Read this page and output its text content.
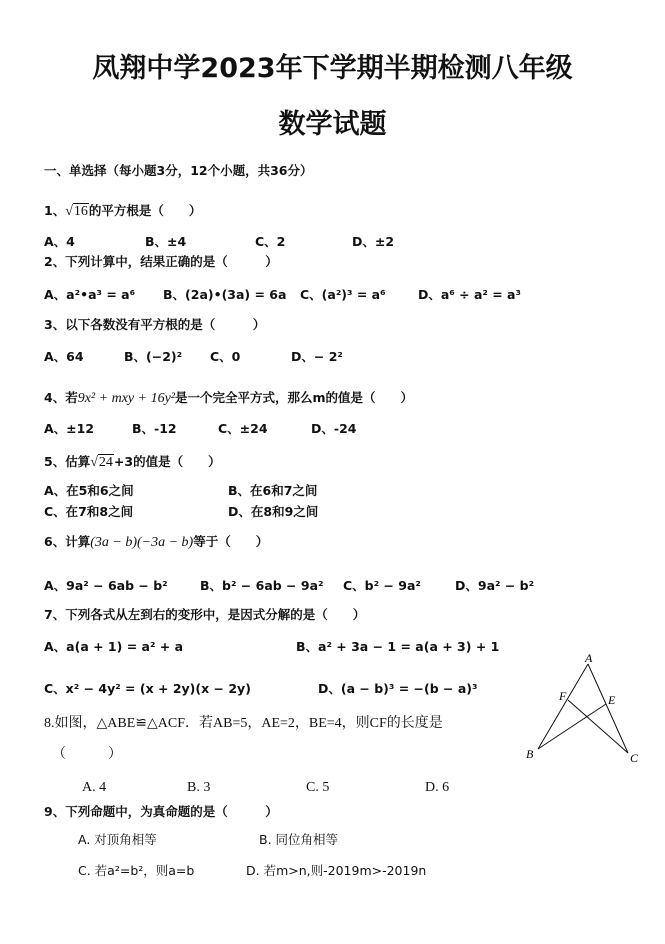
凤翔中学2023年下学期半期检测八年级
数学试题
一、单选择（每小题3分，12个小题，共36分）
1、√16的平方根是（　　）
A、4	B、±4	C、2	D、±2
2、下列计算中，结果正确的是（　　　）
A、a²•a³ = a⁶ B、(2a)•(3a) = 6a C、(a²)³ = a⁶	D、a⁶ ÷ a² = a³
3、以下各数没有平方根的是（　　　）
A、64	B、(−2)² C、0	D、− 2²
4、若9x² + mxy + 16y²是一个完全平方式，那么m的值是（　　）
A、±12	B、-12	C、±24	D、-24
5、估算√24+3的值是（　　）
A、在5和6之间	B、在6和7之间
C、在7和8之间	D、在8和9之间
6、计算(3a − b)(−3a − b)等于（　　）
A、9a² − 6ab − b²	B、b² − 6ab − 9a² C、b² − 9a²	D、9a² − b²
7、下列各式从左到右的变形中，是因式分解的是（　　）
A、a(a + 1) = a² + a	B、a² + 3a − 1 = a(a + 3) + 1
C、x² − 4y² = (x + 2y)(x − 2y)	D、(a − b)³ = −(b − a)³
8.如图，△ABE≌△ACF．若AB=5，AE=2，BE=4，则CF的长度是
（　　　）
A. 4	B. 3	C. 5	D. 6
9、下列命题中，为真命题的是（　　　）
A. 对顶角相等	B. 同位角相等
C. 若a²=b²，则a=b	D. 若m>n,则-2019m>-2019n
A
B	C
E
F
